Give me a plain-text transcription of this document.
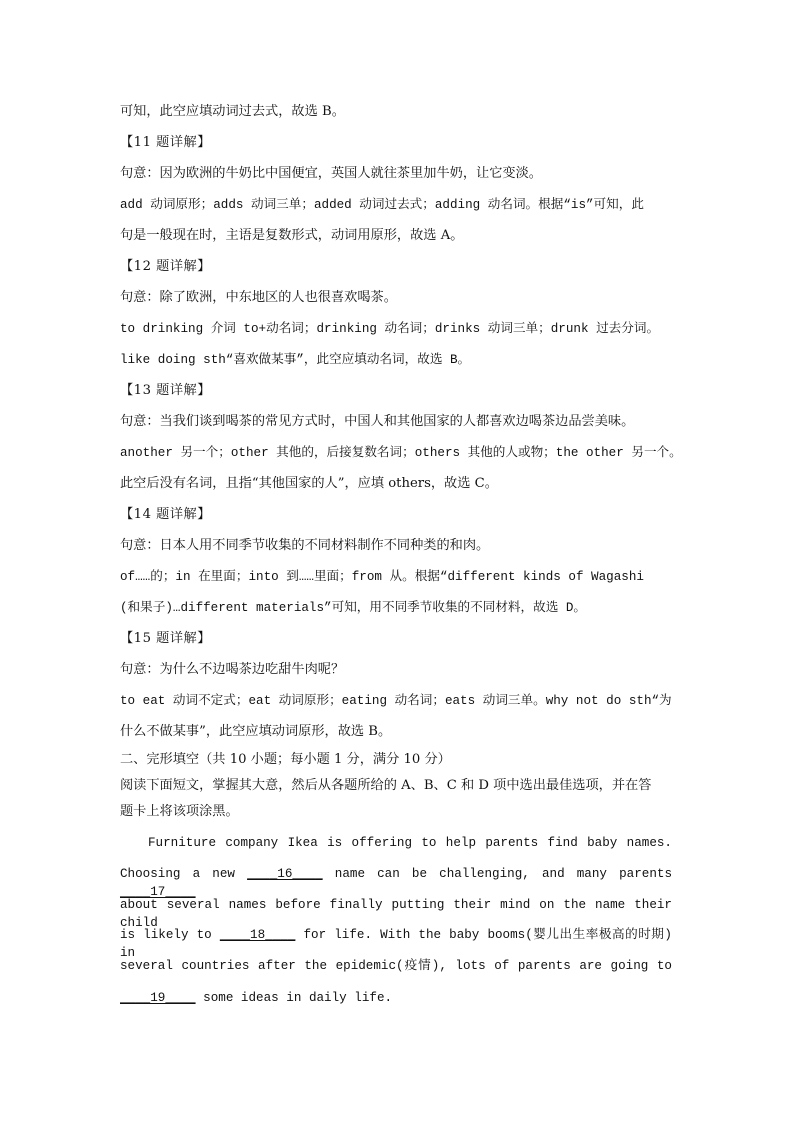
可知，此空应填动词过去式，故选 B。
【11 题详解】
句意：因为欧洲的牛奶比中国便宜，英国人就往茶里加牛奶，让它变淡。
add 动词原形；adds 动词三单；added 动词过去式；adding 动名词。根据“is”可知，此
句是一般现在时，主语是复数形式，动词用原形，故选 A。
【12 题详解】
句意：除了欧洲，中东地区的人也很喜欢喝茶。
to drinking 介词 to+动名词；drinking 动名词；drinks 动词三单；drunk 过去分词。
like doing sth“喜欢做某事”，此空应填动名词，故选 B。
【13 题详解】
句意：当我们谈到喝茶的常见方式时，中国人和其他国家的人都喜欢边喝茶边品尝美味。
another 另一个；other 其他的，后接复数名词；others 其他的人或物；the other 另一个。
此空后没有名词，且指“其他国家的人”，应填 others，故选 C。
【14 题详解】
句意：日本人用不同季节收集的不同材料制作不同种类的和肉。
of……的；in 在里面；into 到……里面；from 从。根据“different kinds of Wagashi
(和果子)…different materials”可知，用不同季节收集的不同材料，故选 D。
【15 题详解】
句意：为什么不边喝茶边吃甜牛肉呢？
to eat 动词不定式；eat 动词原形；eating 动名词；eats 动词三单。why not do sth“为
什么不做某事”，此空应填动词原形，故选 B。
二、完形填空（共 10 小题；每小题 1 分，满分 10 分）
阅读下面短文，掌握其大意，然后从各题所给的 A、B、C 和 D 项中选出最佳选项，并在答
题卡上将该项涂黑。
Furniture company Ikea is offering to help parents find baby names.
Choosing a new ____16____ name can be challenging, and many parents ____17____
about several names before finally putting their mind on the name their child
is likely to ____18____ for life. With the baby booms(婴儿出生率极高的时期) in
several countries after the epidemic(疫情), lots of parents are going to
____19____ some ideas in daily life.
